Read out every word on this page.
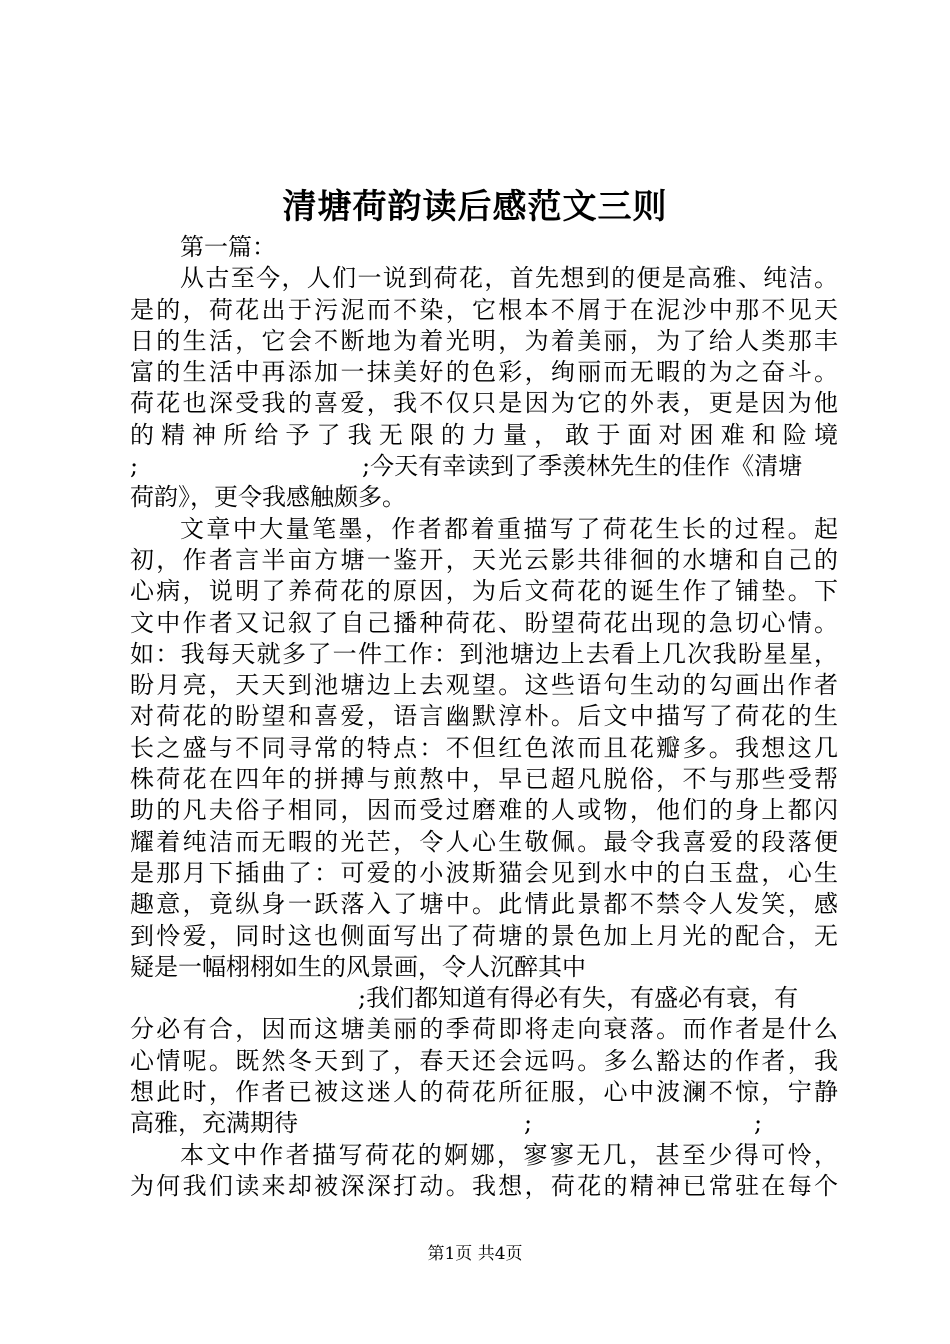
清塘荷韵读后感范文三则
第一篇：
从古至今，人们一说到荷花，首先想到的便是高雅、纯洁。
是的，荷花出于污泥而不染，它根本不屑于在泥沙中那不见天
日的生活，它会不断地为着光明，为着美丽，为了给人类那丰
富的生活中再添加一抹美好的色彩，绚丽而无暇的为之奋斗。
荷花也深受我的喜爱，我不仅只是因为它的外表，更是因为他
的精神所给予了我无限的力量，敢于面对困难和险境
;	;今天有幸读到了季羡林先生的佳作《清塘
荷韵》，更令我感触颇多。
文章中大量笔墨，作者都着重描写了荷花生长的过程。起
初，作者言半亩方塘一鉴开，天光云影共徘徊的水塘和自己的
心病，说明了养荷花的原因，为后文荷花的诞生作了铺垫。下
文中作者又记叙了自己播种荷花、盼望荷花出现的急切心情。
如：我每天就多了一件工作：到池塘边上去看上几次我盼星星，
盼月亮，天天到池塘边上去观望。这些语句生动的勾画出作者
对荷花的盼望和喜爱，语言幽默淳朴。后文中描写了荷花的生
长之盛与不同寻常的特点：不但红色浓而且花瓣多。我想这几
株荷花在四年的拼搏与煎熬中，早已超凡脱俗，不与那些受帮
助的凡夫俗子相同，因而受过磨难的人或物，他们的身上都闪
耀着纯洁而无暇的光芒，令人心生敬佩。最令我喜爱的段落便
是那月下插曲了：可爱的小波斯猫会见到水中的白玉盘，心生
趣意，竟纵身一跃落入了塘中。此情此景都不禁令人发笑，感
到怜爱，同时这也侧面写出了荷塘的景色加上月光的配合，无
疑是一幅栩栩如生的风景画，令人沉醉其中
;我们都知道有得必有失，有盛必有衰，有
分必有合，因而这塘美丽的季荷即将走向衰落。而作者是什么
心情呢。既然冬天到了，春天还会远吗。多么豁达的作者，我
想此时，作者已被这迷人的荷花所征服，心中波澜不惊，宁静
高雅，充满期待	;	;
本文中作者描写荷花的婀娜，寥寥无几，甚至少得可怜，
为何我们读来却被深深打动。我想，荷花的精神已常驻在每个
第1页 共4页
